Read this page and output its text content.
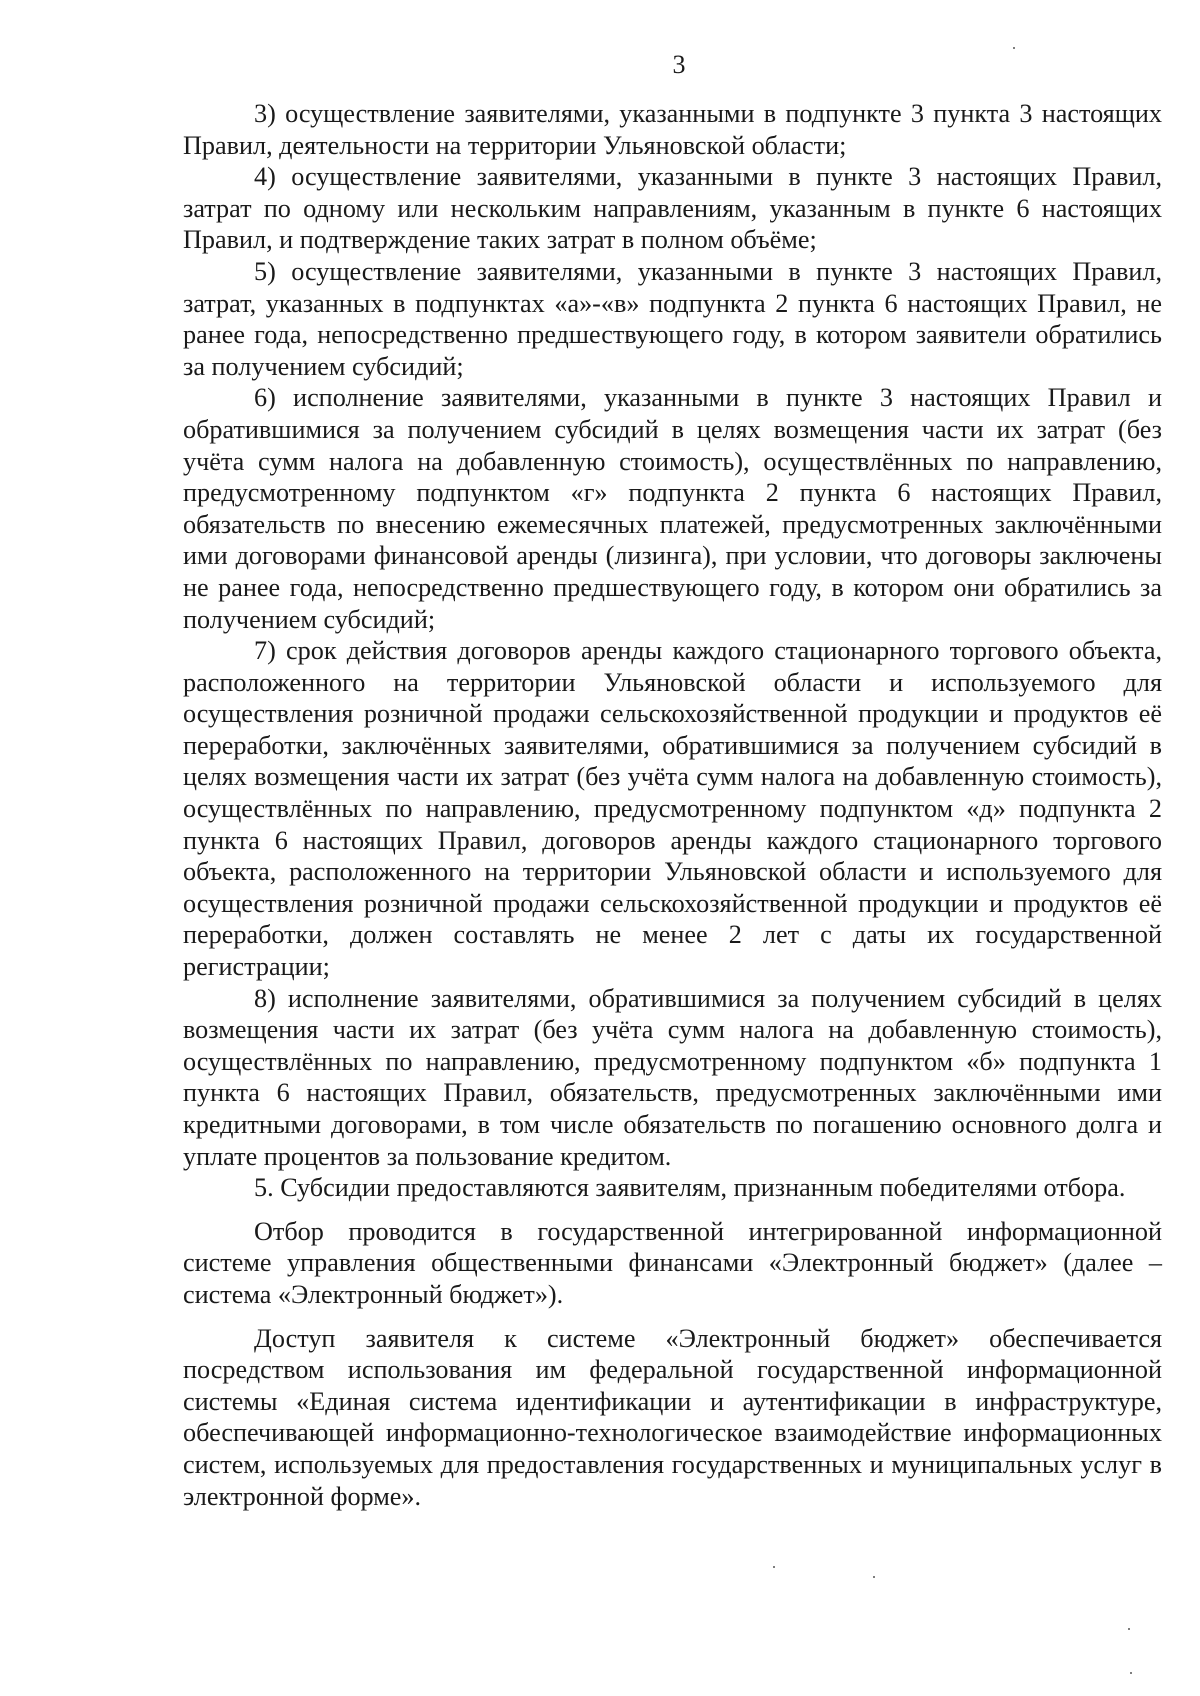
3

3) осуществление заявителями, указанными в подпункте 3 пункта 3 настоящих Правил, деятельности на территории Ульяновской области;

4) осуществление заявителями, указанными в пункте 3 настоящих Правил, затрат по одному или нескольким направлениям, указанным в пункте 6 настоящих Правил, и подтверждение таких затрат в полном объёме;

5) осуществление заявителями, указанными в пункте 3 настоящих Правил, затрат, указанных в подпунктах «а»-«в» подпункта 2 пункта 6 настоящих Правил, не ранее года, непосредственно предшествующего году, в котором заявители обратились за получением субсидий;

6) исполнение заявителями, указанными в пункте 3 настоящих Правил и обратившимися за получением субсидий в целях возмещения части их затрат (без учёта сумм налога на добавленную стоимость), осуществлённых по направлению, предусмотренному подпунктом «г» подпункта 2 пункта 6 настоящих Правил, обязательств по внесению ежемесячных платежей, предусмотренных заключёнными ими договорами финансовой аренды (лизинга), при условии, что договоры заключены не ранее года, непосредственно предшествующего году, в котором они обратились за получением субсидий;

7) срок действия договоров аренды каждого стационарного торгового объекта, расположенного на территории Ульяновской области и используемого для осуществления розничной продажи сельскохозяйственной продукции и продуктов её переработки, заключённых заявителями, обратившимися за получением субсидий в целях возмещения части их затрат (без учёта сумм налога на добавленную стоимость), осуществлённых по направлению, предусмотренному подпунктом «д» подпункта 2 пункта 6 настоящих Правил, договоров аренды каждого стационарного торгового объекта, расположенного на территории Ульяновской области и используемого для осуществления розничной продажи сельскохозяйственной продукции и продуктов её переработки, должен составлять не менее 2 лет с даты их государственной регистрации;

8) исполнение заявителями, обратившимися за получением субсидий в целях возмещения части их затрат (без учёта сумм налога на добавленную стоимость), осуществлённых по направлению, предусмотренному подпунктом «б» подпункта 1 пункта 6 настоящих Правил, обязательств, предусмотренных заключёнными ими кредитными договорами, в том числе обязательств по погашению основного долга и уплате процентов за пользование кредитом.

5. Субсидии предоставляются заявителям, признанным победителями отбора.

Отбор проводится в государственной интегрированной информационной системе управления общественными финансами «Электронный бюджет» (далее – система «Электронный бюджет»).

Доступ заявителя к системе «Электронный бюджет» обеспечивается посредством использования им федеральной государственной информационной системы «Единая система идентификации и аутентификации в инфраструктуре, обеспечивающей информационно-технологическое взаимодействие информационных систем, используемых для предоставления государственных и муниципальных услуг в электронной форме».
